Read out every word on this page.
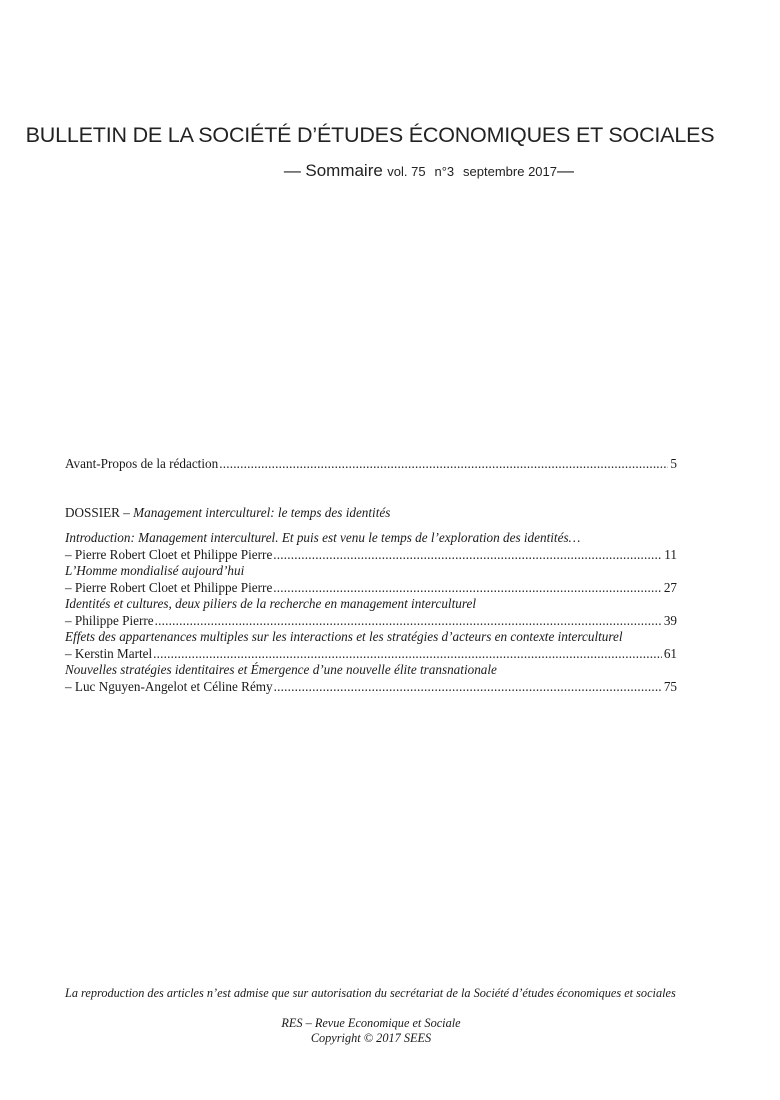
BULLETIN DE LA SOCIÉTÉ D’ÉTUDES ÉCONOMIQUES ET SOCIALES
— Sommaire vol. 75 n°3 septembre 2017—
Avant-Propos de la rédaction .....	5
DOSSIER – Management interculturel: le temps des identités
Introduction: Management interculturel. Et puis est venu le temps de l’exploration des identités…
– Pierre Robert Cloet et Philippe Pierre .....	11
L’Homme mondialisé aujourd’hui
– Pierre Robert Cloet et Philippe Pierre .....	27
Identités et cultures, deux piliers de la recherche en management interculturel
– Philippe Pierre .....	39
Effets des appartenances multiples sur les interactions et les stratégies d’acteurs en contexte interculturel
– Kerstin Martel .....	61
Nouvelles stratégies identitaires et Émergence d’une nouvelle élite transnationale
– Luc Nguyen-Angelot et Céline Rémy .....	75
La reproduction des articles n’est admise que sur autorisation du secrétariat de la Société d’études économiques et sociales
RES – Revue Economique et Sociale
Copyright © 2017 SEES
